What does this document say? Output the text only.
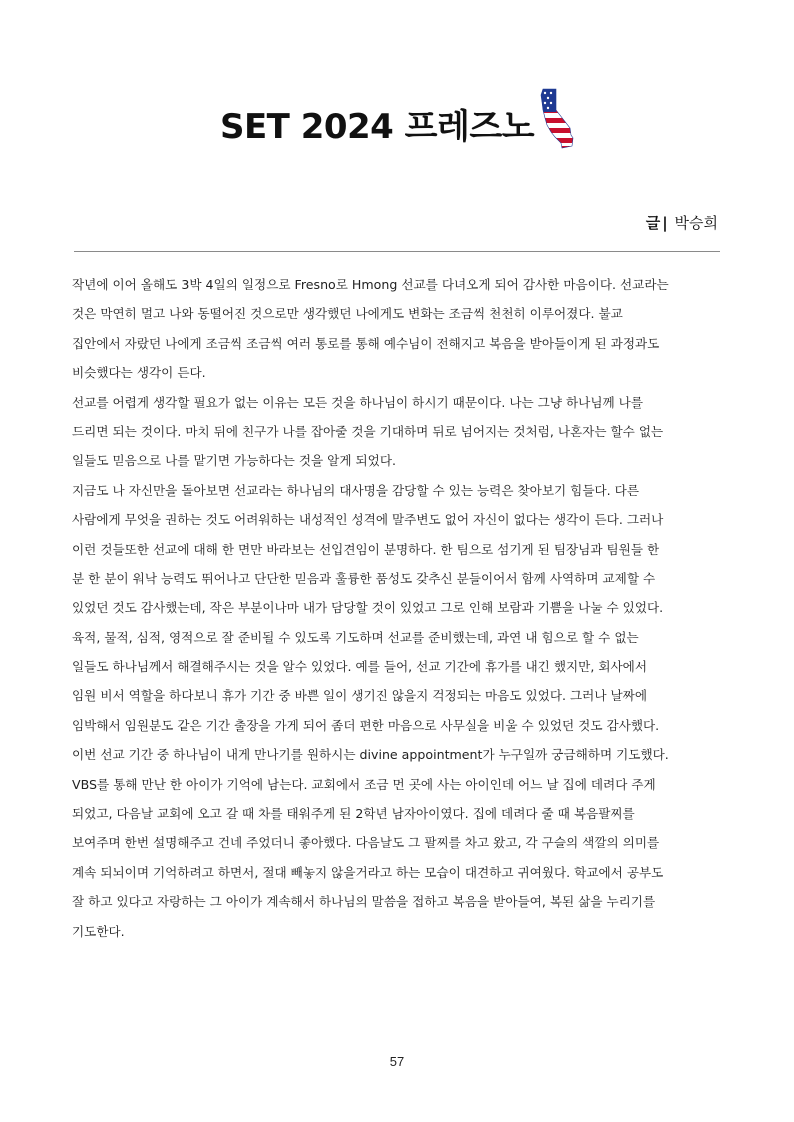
SET 2024 프레즈노
글 | 박승희
작년에 이어 올해도 3박 4일의 일정으로 Fresno로 Hmong 선교를 다녀오게 되어 감사한 마음이다. 선교라는
것은 막연히 멀고 나와 동떨어진 것으로만 생각했던 나에게도 변화는 조금씩 천천히 이루어졌다. 불교
집안에서 자랐던 나에게 조금씩 조금씩 여러 통로를 통해 예수님이 전해지고 복음을 받아들이게 된 과정과도
비슷했다는 생각이 든다.
선교를 어렵게 생각할 필요가 없는 이유는 모든 것을 하나님이 하시기 때문이다. 나는 그냥 하나님께 나를
드리면 되는 것이다. 마치 뒤에 친구가 나를 잡아줄 것을 기대하며 뒤로 넘어지는 것처럼, 나혼자는 할수 없는
일들도 믿음으로 나를 맡기면 가능하다는 것을 알게 되었다.
지금도 나 자신만을 돌아보면 선교라는 하나님의 대사명을 감당할 수 있는 능력은 찾아보기 힘들다. 다른
사람에게 무엇을 권하는 것도 어려워하는 내성적인 성격에 말주변도 없어 자신이 없다는 생각이 든다. 그러나
이런 것들또한 선교에 대해 한 면만 바라보는 선입견임이 분명하다. 한 팀으로 섬기게 된 팀장님과 팀원들 한
분 한 분이 워낙 능력도 뛰어나고 단단한 믿음과 훌륭한 품성도 갖추신 분들이어서 함께 사역하며 교제할 수
있었던 것도 감사했는데, 작은 부분이나마 내가 담당할 것이 있었고 그로 인해 보람과 기쁨을 나눌 수 있었다.
육적, 물적, 심적, 영적으로 잘 준비될 수 있도록 기도하며 선교를 준비했는데, 과연 내 힘으로 할 수 없는
일들도 하나님께서 해결해주시는 것을 알수 있었다. 예를 들어, 선교 기간에 휴가를 내긴 했지만, 회사에서
임원 비서 역할을 하다보니 휴가 기간 중 바쁜 일이 생기진 않을지 걱정되는 마음도 있었다. 그러나 날짜에
임박해서 임원분도 같은 기간 출장을 가게 되어 좀더 편한 마음으로 사무실을 비울 수 있었던 것도 감사했다.
이번 선교 기간 중 하나님이 내게 만나기를 원하시는 divine appointment가 누구일까 궁금해하며 기도했다.
VBS를 통해 만난 한 아이가 기억에 남는다. 교회에서 조금 먼 곳에 사는 아이인데 어느 날 집에 데려다 주게
되었고, 다음날 교회에 오고 갈 때 차를 태워주게 된 2학년 남자아이였다. 집에 데려다 줄 때 복음팔찌를
보여주며 한번 설명해주고 건네 주었더니 좋아했다. 다음날도 그 팔찌를 차고 왔고, 각 구슬의 색깔의 의미를
계속 되뇌이며 기억하려고 하면서, 절대 빼놓지 않을거라고 하는 모습이 대견하고 귀여웠다. 학교에서 공부도
잘 하고 있다고 자랑하는 그 아이가 계속해서 하나님의 말씀을 접하고 복음을 받아들여, 복된 삶을 누리기를
기도한다.
57
